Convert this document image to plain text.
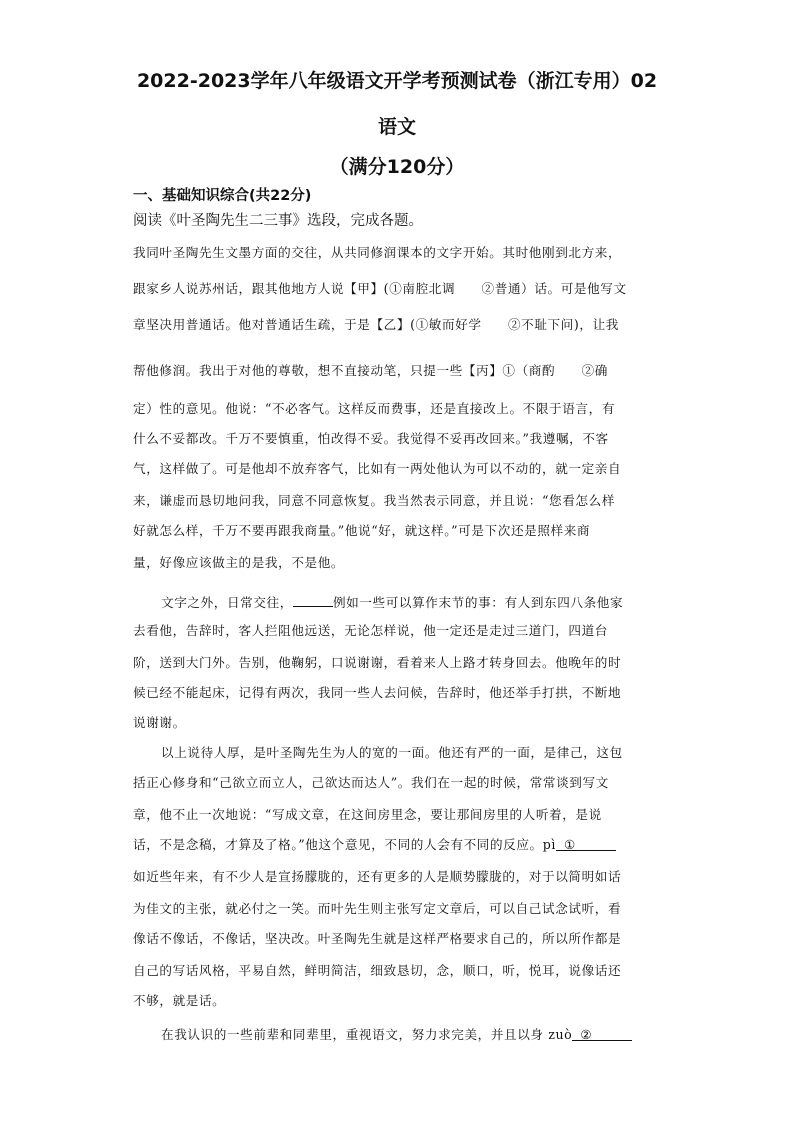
2022-2023学年八年级语文开学考预测试卷（浙江专用）02
语文
（满分120分）
一、基础知识综合(共22分)
阅读《叶圣陶先生二三事》选段，完成各题。
我同叶圣陶先生文墨方面的交往，从共同修润课本的文字开始。其时他刚到北方来，
跟家乡人说苏州话，跟其他地方人说【甲】(①南腔北调　　②普通）话。可是他写文
章坚决用普通话。他对普通话生疏，于是【乙】(①敏而好学　　②不耻下问)，让我
帮他修润。我出于对他的尊敬，想不直接动笔，只提一些【丙】①（商酌　　②确
定）性的意见。他说：“不必客气。这样反而费事，还是直接改上。不限于语言，有
什么不妥都改。千万不要慎重，怕改得不妥。我觉得不妥再改回来。”我遵嘱，不客
气，这样做了。可是他却不放弃客气，比如有一两处他认为可以不动的，就一定亲自
来，谦虚而恳切地问我，同意不同意恢复。我当然表示同意，并且说：“您看怎么样
好就怎么样，千万不要再跟我商量。”他说“好，就这样。”可是下次还是照样来商
量，好像应该做主的是我，不是他。
文字之外，日常交往，	例如一些可以算作末节的事：有人到东四八条他家
去看他，告辞时，客人拦阻他远送，无论怎样说，他一定还是走过三道门，四道台
阶，送到大门外。告别，他鞠躬，口说谢谢，看着来人上路才转身回去。他晚年的时
候已经不能起床，记得有两次，我同一些人去问候，告辞时，他还举手打拱，不断地
说谢谢。
以上说待人厚，是叶圣陶先生为人的宽的一面。他还有严的一面，是律己，这包
括正心修身和“己欲立而立人，己欲达而达人”。我们在一起的时候，常常谈到写文
章，他不止一次地说：“写成文章，在这间房里念，要让那间房里的人听着，是说
话，不是念稿，才算及了格。”他这个意见，不同的人会有不同的反应。pì ①
如近些年来，有不少人是宣扬朦胧的，还有更多的人是顺势朦胧的，对于以简明如话
为佳文的主张，就必付之一笑。而叶先生则主张写定文章后，可以自己试念试听，看
像话不像话，不像话，坚决改。叶圣陶先生就是这样严格要求自己的，所以所作都是
自己的写话风格，平易自然，鲜明简洁，细致恳切，念，顺口，听，悦耳，说像话还
不够，就是话。
在我认识的一些前辈和同辈里，重视语文，努力求完美，并且以身 zuò ②
